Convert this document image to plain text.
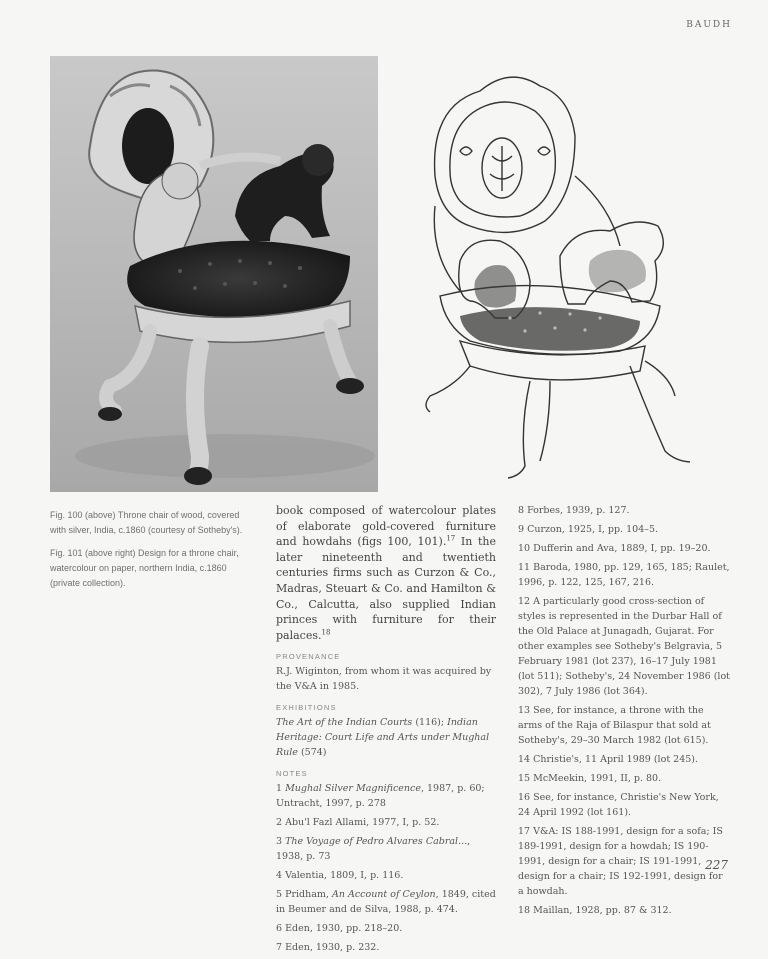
BAUDH
Fig. 100 (above) Throne chair of wood, covered with silver, India, c.1860 (courtesy of Sotheby's).
Fig. 101 (above right) Design for a throne chair, watercolour on paper, northern India, c.1860 (private collection).

book composed of watercolour plates of elaborate gold-covered furniture and howdahs (figs 100, 101).$^{17}$ In the later nineteenth and twentieth centuries firms such as Curzon & Co., Madras, Steuart & Co. and Hamilton & Co., Calcutta, also supplied Indian princes with furniture for their palaces.$^{18}$

PROVENANCE
R.J. Wiginton, from whom it was acquired by the V&A in 1985.
EXHIBITIONS
The Art of the Indian Courts (116); Indian Heritage: Court Life and Arts under Mughal Rule (574)
NOTES
1 Mughal Silver Magnificence, 1987, p. 60; Untracht, 1997, p. 278
2 Abu'l Fazl Allami, 1977, I, p. 52.
3 The Voyage of Pedro Alvares Cabral..., 1938, p. 73
4 Valentia, 1809, I, p. 116.
5 Pridham, An Account of Ceylon, 1849, cited in Beumer and de Silva, 1988, p. 474.
6 Eden, 1930, pp. 218–20.
7 Eden, 1930, p. 232.
8 Forbes, 1939, p. 127.
9 Curzon, 1925, I, pp. 104–5.
10 Dufferin and Ava, 1889, I, pp. 19–20.
11 Baroda, 1980, pp. 129, 165, 185; Raulet, 1996, p. 122, 125, 167, 216.
12 A particularly good cross-section of styles is represented in the Durbar Hall of the Old Palace at Junagadh, Gujarat. For other examples see Sotheby's Belgravia, 5 February 1981 (lot 237), 16–17 July 1981 (lot 511); Sotheby's, 24 November 1986 (lot 302), 7 July 1986 (lot 364).
13 See, for instance, a throne with the arms of the Raja of Bilaspur that sold at Sotheby's, 29–30 March 1982 (lot 615).
14 Christie's, 11 April 1989 (lot 245).
15 McMeekin, 1991, II, p. 80.
16 See, for instance, Christie's New York, 24 April 1992 (lot 161).
17 V&A: IS 188-1991, design for a sofa; IS 189-1991, design for a howdah; IS 190-1991, design for a chair; IS 191-1991, design for a chair; IS 192-1991, design for a howdah.
18 Maillan, 1928, pp. 87 & 312.
227
